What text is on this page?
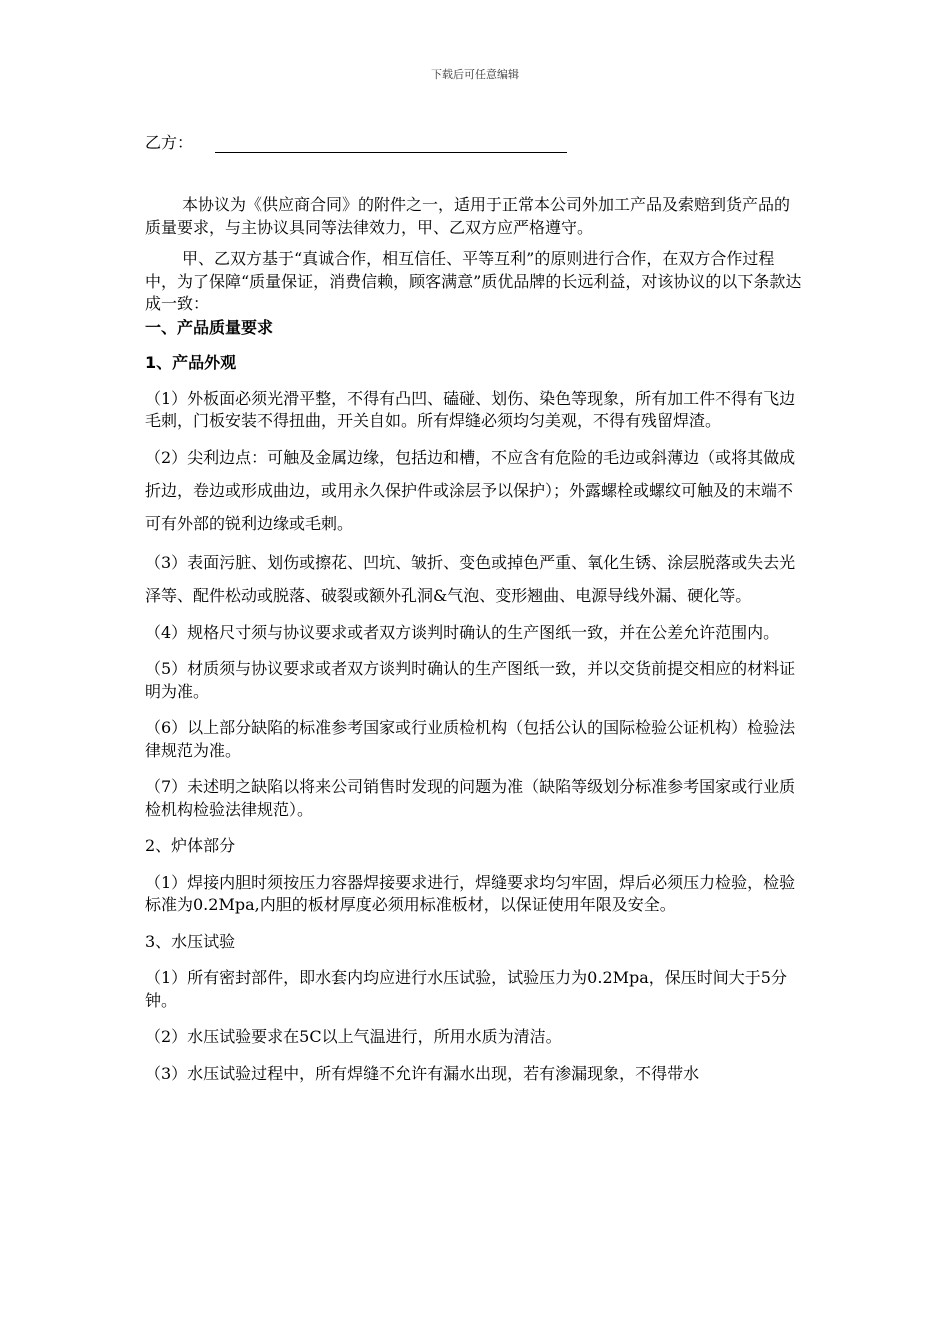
下载后可任意编辑
乙方：

本协议为《供应商合同》的附件之一，适用于正常本公司外加工产品及索赔到货产品的质量要求，与主协议具同等法律效力，甲、乙双方应严格遵守。

甲、乙双方基于“真诚合作，相互信任、平等互利”的原则进行合作，在双方合作过程中，为了保障“质量保证，消费信赖，顾客满意”质优品牌的长远利益，对该协议的以下条款达成一致：

一、产品质量要求

1、产品外观

（1）外板面必须光滑平整，不得有凸凹、磕碰、划伤、染色等现象，所有加工件不得有飞边毛刺，门板安装不得扭曲，开关自如。所有焊缝必须均匀美观，不得有残留焊渣。

（2）尖利边点：可触及金属边缘，包括边和槽，不应含有危险的毛边或斜薄边（或将其做成折边，卷边或形成曲边，或用永久保护件或涂层予以保护）；外露螺栓或螺纹可触及的末端不可有外部的锐利边缘或毛刺。

（3）表面污脏、划伤或擦花、凹坑、皱折、变色或掉色严重、氧化生锈、涂层脱落或失去光泽等、配件松动或脱落、破裂或额外孔洞&气泡、变形翘曲、电源导线外漏、硬化等。

（4）规格尺寸须与协议要求或者双方谈判时确认的生产图纸一致，并在公差允许范围内。

（5）材质须与协议要求或者双方谈判时确认的生产图纸一致，并以交货前提交相应的材料证明为准。

（6）以上部分缺陷的标准参考国家或行业质检机构（包括公认的国际检验公证机构）检验法律规范为准。

（7）未述明之缺陷以将来公司销售时发现的问题为准（缺陷等级划分标准参考国家或行业质检机构检验法律规范）。

2、炉体部分

（1）焊接内胆时须按压力容器焊接要求进行，焊缝要求均匀牢固，焊后必须压力检验，检验标准为0.2Mpa,内胆的板材厚度必须用标准板材，以保证使用年限及安全。

3、水压试验

（1）所有密封部件，即水套内均应进行水压试验，试验压力为0.2Mpa，保压时间大于5分钟。

（2）水压试验要求在5C以上气温进行，所用水质为清洁。

（3）水压试验过程中，所有焊缝不允许有漏水出现，若有渗漏现象，不得带水
